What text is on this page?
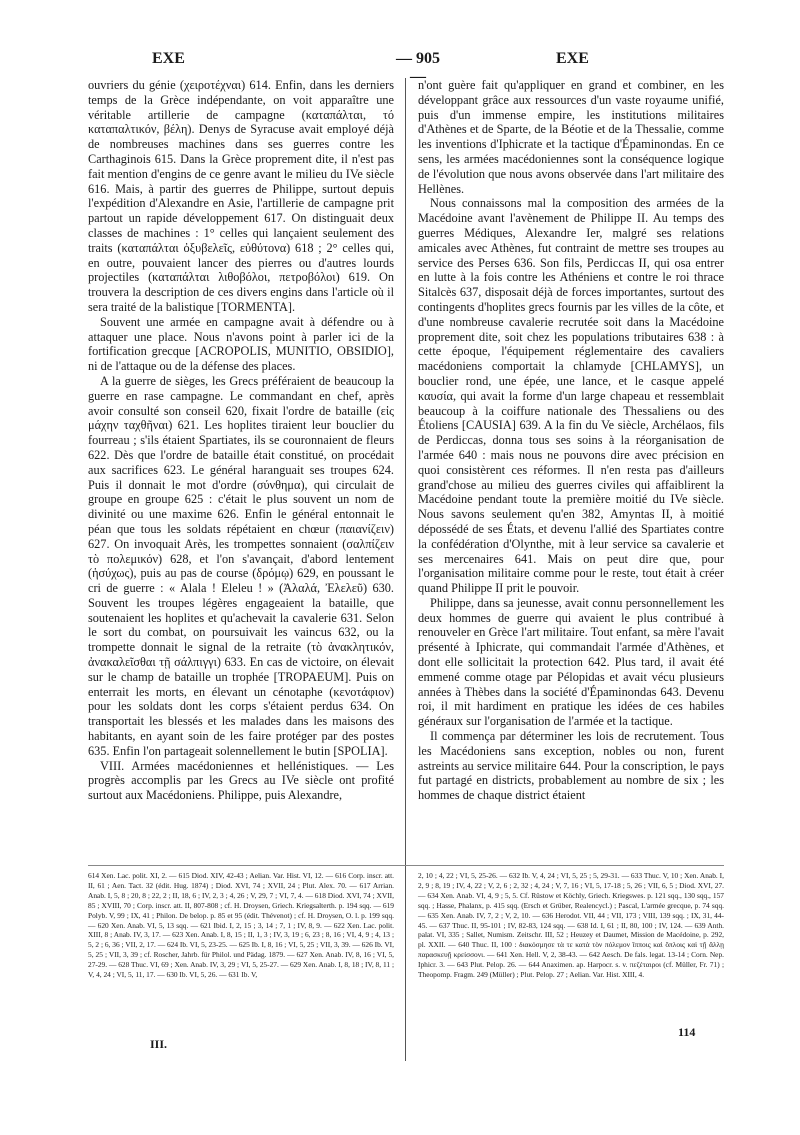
EXE	— 905 —
EXE

ouvriers du génie (χειροτέχναι) 614. Enfin, dans les derniers temps de la Grèce indépendante, on voit apparaître une véritable artillerie de campagne (καταπάλται, τό καταπαλτικόν, βέλη). Denys de Syracuse avait employé déjà de nombreuses machines dans ses guerres contre les Carthaginois 615. Dans la Grèce proprement dite, il n'est pas fait mention d'engins de ce genre avant le milieu du IVe siècle 616. Mais, à partir des guerres de Philippe, surtout depuis l'expédition d'Alexandre en Asie, l'artillerie de campagne prit partout un rapide développement 617. On distinguait deux classes de machines : 1° celles qui lançaient seulement des traits (καταπάλται ὀξυβελεῖς, εὐθύτονα) 618 ; 2° celles qui, en outre, pouvaient lancer des pierres ou d'autres lourds projectiles (καταπάλται λιθοβόλοι, πετροβόλοι) 619. On trouvera la description de ces divers engins dans l'article où il sera traité de la balistique [TORMENTA].

Souvent une armée en campagne avait à défendre ou à attaquer une place. Nous n'avons point à parler ici de la fortification grecque [ACROPOLIS, MUNITIO, OBSIDIO], ni de l'attaque ou de la défense des places.

A la guerre de sièges, les Grecs préféraient de beaucoup la guerre en rase campagne. Le commandant en chef, après avoir consulté son conseil 620, fixait l'ordre de bataille (εἰς μάχην ταχθῆναι) 621. Les hoplites tiraient leur bouclier du fourreau ; s'ils étaient Spartiates, ils se couronnaient de fleurs 622. Dès que l'ordre de bataille était constitué, on procédait aux sacrifices 623. Le général haranguait ses troupes 624. Puis il donnait le mot d'ordre (σύνθημα), qui circulait de groupe en groupe 625 : c'était le plus souvent un nom de divinité ou une maxime 626. Enfin le général entonnait le péan que tous les soldats répétaient en chœur (παιανίζειν) 627. On invoquait Arès, les trompettes sonnaient (σαλπίζειν τὸ πολεμικόν) 628, et l'on s'avançait, d'abord lentement (ἡσύχως), puis au pas de course (δρόμῳ) 629, en poussant le cri de guerre : « Alala ! Eleleu ! » (Ἀλαλά, Ἐλελεῦ) 630. Souvent les troupes légères engageaient la bataille, que soutenaient les hoplites et qu'achevait la cavalerie 631. Selon le sort du combat, on poursuivait les vaincus 632, ou la trompette donnait le signal de la retraite (τὸ ἀνακλητικόν, ἀνακαλεῖσθαι τῇ σάλπιγγι) 633. En cas de victoire, on élevait sur le champ de bataille un trophée [TROPAEUM]. Puis on enterrait les morts, en élevant un cénotaphe (κενοτάφιον) pour les soldats dont les corps s'étaient perdus 634. On transportait les blessés et les malades dans les maisons des habitants, en ayant soin de les faire protéger par des postes 635. Enfin l'on partageait solennellement le butin [SPOLIA].

VIII. Armées macédoniennes et hellénistiques. — Les progrès accomplis par les Grecs au IVe siècle ont profité surtout aux Macédoniens. Philippe, puis Alexandre,

n'ont guère fait qu'appliquer en grand et combiner, en les développant grâce aux ressources d'un vaste royaume unifié, puis d'un immense empire, les institutions militaires d'Athènes et de Sparte, de la Béotie et de la Thessalie, comme les inventions d'Iphicrate et la tactique d'Épaminondas. En ce sens, les armées macédoniennes sont la conséquence logique de l'évolution que nous avons observée dans l'art militaire des Hellènes.

Nous connaissons mal la composition des armées de la Macédoine avant l'avènement de Philippe II. Au temps des guerres Médiques, Alexandre Ier, malgré ses relations amicales avec Athènes, fut contraint de mettre ses troupes au service des Perses 636. Son fils, Perdiccas II, qui osa entrer en lutte à la fois contre les Athéniens et contre le roi thrace Sitalcès 637, disposait déjà de forces importantes, surtout des contingents d'hoplites grecs fournis par les villes de la côte, et d'une nombreuse cavalerie recrutée soit dans la Macédoine proprement dite, soit chez les populations tributaires 638 : à cette époque, l'équipement réglementaire des cavaliers macédoniens comportait la chlamyde [CHLAMYS], un bouclier rond, une épée, une lance, et le casque appelé καυσία, qui avait la forme d'un large chapeau et ressemblait beaucoup à la coiffure nationale des Thessaliens ou des Étoliens [CAUSIA] 639. A la fin du Ve siècle, Archélaos, fils de Perdiccas, donna tous ses soins à la réorganisation de l'armée 640 : mais nous ne pouvons dire avec précision en quoi consistèrent ces réformes. Il n'en resta pas d'ailleurs grand'chose au milieu des guerres civiles qui affaiblirent la Macédoine pendant toute la première moitié du IVe siècle. Nous savons seulement qu'en 382, Amyntas II, à moitié dépossédé de ses États, et devenu l'allié des Spartiates contre la confédération d'Olynthe, mit à leur service sa cavalerie et ses mercenaires 641. Mais on peut dire que, pour l'organisation militaire comme pour le reste, tout était à créer quand Philippe II prit le pouvoir.

Philippe, dans sa jeunesse, avait connu personnellement les deux hommes de guerre qui avaient le plus contribué à renouveler en Grèce l'art militaire. Tout enfant, sa mère l'avait présenté à Iphicrate, qui commandait l'armée d'Athènes, et dont elle sollicitait la protection 642. Plus tard, il avait été emmené comme otage par Pélopidas et avait vécu plusieurs années à Thèbes dans la société d'Épaminondas 643. Devenu roi, il mit hardiment en pratique les idées de ces habiles généraux sur l'organisation de l'armée et la tactique.

Il commença par déterminer les lois de recrutement. Tous les Macédoniens sans exception, nobles ou non, furent astreints au service militaire 644. Pour la conscription, le pays fut partagé en districts, probablement au nombre de six ; les hommes de chaque district étaient

614 Xen. Lac. polit. XI, 2. — 615 Diod. XIV, 42-43 ; Aelian. Var. Hist. VI, 12. — 616 Corp. inscr. att. II, 61 ; Aen. Tact. 32 (édit. Hug. 1874) ; Diod. XVI, 74 ; XVII, 24 ; Plut. Alex. 70. — 617 Arrian. Anab. I, 5, 8 ; 20, 8 ; 22, 2 ; II, 18, 6 ; IV, 2, 3 ; 4, 26 ; V, 29, 7 ; VI, 7, 4. — 618 Diod. XVI, 74 ; XVII, 85 ; XVIII, 70 ; Corp. inscr. att. II, 807-808 ; cf. H. Droysen, Griech. Kriegsalterth. p. 194 sqq. — 619 Polyb. V, 99 ; IX, 41 ; Philon. De belop. p. 85 et 95 (édit. Thévenot) ; cf. H. Droysen, O. l. p. 199 sqq. — 620 Xen. Anab. VI, 5, 13 sqq. — 621 Ibid. I, 2, 15 ; 3, 14 ; 7, 1 ; IV, 8, 9. — 622 Xen. Lac. polit. XIII, 8 ; Anab. IV, 3, 17. — 623 Xen. Anab. I, 8, 15 ; II, 1, 3 ; IV, 3, 19 ; 6, 23 ; 8, 16 ; VI, 4, 9 ; 4, 13 ; 5, 2 ; 6, 36 ; VII, 2, 17. — 624 Ib. VI, 5, 23-25. — 625 Ib. I, 8, 16 ; VI, 5, 25 ; VII, 3, 39. — 626 Ib. VI, 5, 25 ; VII, 3, 39 ; cf. Roscher, Jahrb. für Philol. und Pädag. 1879. — 627 Xen. Anab. IV, 8, 16 ; VI, 5, 27-29. — 628 Thuc. VI, 69 ; Xen. Anab. IV, 3, 29 ; VI, 5, 25-27. — 629 Xen. Anab. I, 8, 18 ; IV, 8, 11 ; V, 4, 24 ; VI, 5, 11, 17. — 630 Ib. VI, 5, 26. — 631 Ib. V,
2, 10 ; 4, 22 ; VI, 5, 25-26. — 632 Ib. V, 4, 24 ; VI, 5, 25 ; 5, 29-31. — 633 Thuc. V, 10 ; Xen. Anab. I, 2, 9 ; 8, 19 ; IV, 4, 22 ; V, 2, 6 ; 2, 32 ; 4, 24 ; V, 7, 16 ; VI, 5, 17-18 ; 5, 26 ; VII, 6, 5 ; Diod. XVI, 27. — 634 Xen. Anab. VI, 4, 9 ; 5, 5. Cf. Rüstow et Köchly, Griech. Kriegswes. p. 121 sqq., 130 sqq., 157 sqq. ; Hasse, Phalanx, p. 415 sqq. (Ersch et Grüber, Realencycl.) ; Pascal, L'armée grecque, p. 74 sqq. — 635 Xen. Anab. IV, 7, 2 ; V, 2, 10. — 636 Herodot. VII, 44 ; VII, 173 ; VIII, 139 sqq. ; IX, 31, 44-45. — 637 Thuc. II, 95-101 ; IV, 82-83, 124 sqq. — 638 Id. I, 61 ; II, 80, 100 ; IV, 124. — 639 Anth. palat. VI, 335 ; Sallet, Numism. Zeitschr. III, 52 ; Heuzey et Daumet, Mission de Macédoine, p. 292, pl. XXII. — 640 Thuc. II, 100 : διακόσμησε τὰ τε κατὰ τὸν πόλεμον ἵπποις καὶ ὅπλοις καὶ τῇ ἄλλῃ παρασκευῇ κρείσσονι. — 641 Xen. Hell. V, 2, 38-43. — 642 Aesch. De fals. legat. 13-14 ; Corn. Nep. Iphicr. 3. — 643 Plut. Pelop. 26. — 644 Anaximen. ap. Harpocr. s. v. πεζέταιροι (cf. Müller, Fr. 71) ; Theopomp. Fragm. 249 (Müller) ; Plut. Pelop. 27 ; Aelian. Var. Hist. XIII, 4.
III.
114
